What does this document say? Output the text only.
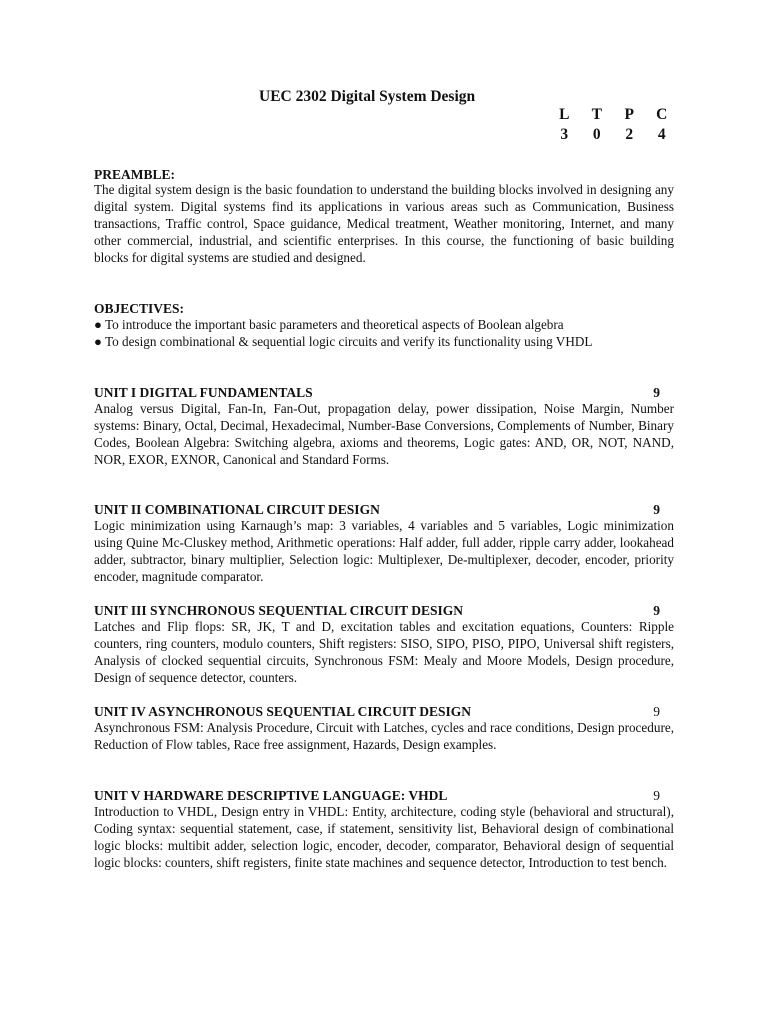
UEC 2302 Digital System Design
L	T	P	C
3	0	2	4
PREAMBLE:

The digital system design is the basic foundation to understand the building blocks involved in designing any digital system. Digital systems find its applications in various areas such as Communication, Business transactions, Traffic control, Space guidance, Medical treatment, Weather monitoring, Internet, and many other commercial, industrial, and scientific enterprises. In this course, the functioning of basic building blocks for digital systems are studied and designed.

OBJECTIVES:

● To introduce the important basic parameters and theoretical aspects of Boolean algebra

● To design combinational & sequential logic circuits and verify its functionality using VHDL

UNIT I DIGITAL FUNDAMENTALS	9

Analog versus Digital, Fan-In, Fan-Out, propagation delay, power dissipation, Noise Margin, Number systems: Binary, Octal, Decimal, Hexadecimal, Number-Base Conversions, Complements of Number, Binary Codes, Boolean Algebra: Switching algebra, axioms and theorems, Logic gates: AND, OR, NOT, NAND, NOR, EXOR, EXNOR, Canonical and Standard Forms.

UNIT II COMBINATIONAL CIRCUIT DESIGN	9

Logic minimization using Karnaugh’s map: 3 variables, 4 variables and 5 variables, Logic minimization using Quine Mc-Cluskey method, Arithmetic operations: Half adder, full adder, ripple carry adder, lookahead adder, subtractor, binary multiplier, Selection logic: Multiplexer, De-multiplexer, decoder, encoder, priority encoder, magnitude comparator.

UNIT III SYNCHRONOUS SEQUENTIAL CIRCUIT DESIGN	9

Latches and Flip flops: SR, JK, T and D, excitation tables and excitation equations, Counters: Ripple counters, ring counters, modulo counters, Shift registers: SISO, SIPO, PISO, PIPO, Universal shift registers, Analysis of clocked sequential circuits, Synchronous FSM: Mealy and Moore Models, Design procedure, Design of sequence detector, counters.

UNIT IV ASYNCHRONOUS SEQUENTIAL CIRCUIT DESIGN	9

Asynchronous FSM: Analysis Procedure, Circuit with Latches, cycles and race conditions, Design procedure, Reduction of Flow tables, Race free assignment, Hazards, Design examples.

UNIT V HARDWARE DESCRIPTIVE LANGUAGE: VHDL	9

Introduction to VHDL, Design entry in VHDL: Entity, architecture, coding style (behavioral and structural), Coding syntax: sequential statement, case, if statement, sensitivity list, Behavioral design of combinational logic blocks: multibit adder, selection logic, encoder, decoder, comparator, Behavioral design of sequential logic blocks: counters, shift registers, finite state machines and sequence detector, Introduction to test bench.
